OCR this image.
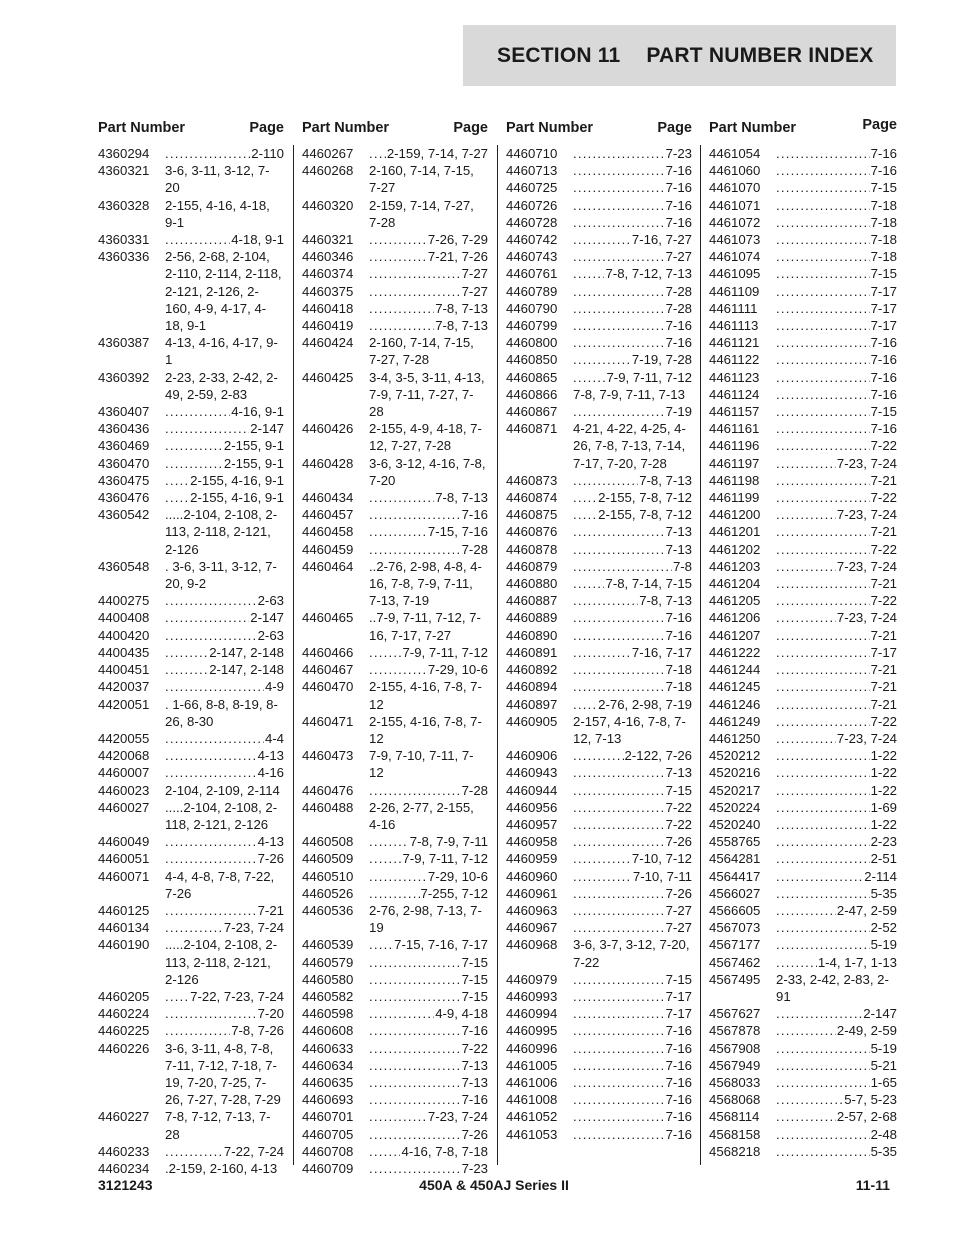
SECTION 11 PART NUMBER INDEX
Part Number	Page
4360294 .....	2-110
4360321 3-6, 3-11, 3-12, 7-20
4360328 2-155, 4-16, 4-18, 9-1
4360331 .....	4-18, 9-1
4360336 2-56, 2-68, 2-104, 2-110, 2-114, 2-118, 2-121, 2-126, 2-160, 4-9, 4-17, 4-18, 9-1
4360387 4-13, 4-16, 4-17, 9-1
4360392 2-23, 2-33, 2-42, 2-49, 2-59, 2-83
4360407 .....	4-16, 9-1
4360436 .....	2-147
4360469 .....	2-155, 9-1
4360470 .....	2-155, 9-1
4360475 .....	2-155, 4-16, 9-1
4360476 .....	2-155, 4-16, 9-1
4360542 .....2-104, 2-108, 2-113, 2-118, 2-121, 2-126
4360548 . 3-6, 3-11, 3-12, 7-20, 9-2
4400275 .....	2-63
4400408 .....	2-147
4400420 .....	2-63
4400435 .....	2-147, 2-148
4400451 .....	2-147, 2-148
4420037 .....	4-9
4420051 . 1-66, 8-8, 8-19, 8-26, 8-30
4420055 .....	4-4
4420068 .....	4-13
4460007 .....	4-16
4460023 2-104, 2-109, 2-114
4460027 .....2-104, 2-108, 2-118, 2-121, 2-126
4460049 .....	4-13
4460051 .....	7-26
4460071 4-4, 4-8, 7-8, 7-22, 7-26
4460125 .....	7-21
4460134 .....	7-23, 7-24
4460190 .....2-104, 2-108, 2-113, 2-118, 2-121, 2-126
4460205 .....	7-22, 7-23, 7-24
4460224 .....	7-20
4460225 .....	7-8, 7-26
4460226 3-6, 3-11, 4-8, 7-8, 7-11, 7-12, 7-18, 7-19, 7-20, 7-25, 7-26, 7-27, 7-28, 7-29
4460227 7-8, 7-12, 7-13, 7-28
4460233 .....	7-22, 7-24
4460234 .2-159, 2-160, 4-13
Part Number	Page
4460267 .....	2-159, 7-14, 7-27
4460268 2-160, 7-14, 7-15, 7-27
4460320 2-159, 7-14, 7-27, 7-28
4460321 .....	7-26, 7-29
4460346 .....	7-21, 7-26
4460374 .....	7-27
4460375 .....	7-27
4460418 .....	7-8, 7-13
4460419 .....	7-8, 7-13
4460424 2-160, 7-14, 7-15, 7-27, 7-28
4460425 3-4, 3-5, 3-11, 4-13, 7-9, 7-11, 7-27, 7-28
4460426 2-155, 4-9, 4-18, 7-12, 7-27, 7-28
4460428 3-6, 3-12, 4-16, 7-8, 7-20
4460434 .....	7-8, 7-13
4460457 .....	7-16
4460458 .....	7-15, 7-16
4460459 .....	7-28
4460464 ..2-76, 2-98, 4-8, 4-16, 7-8, 7-9, 7-11, 7-13, 7-19
4460465 ..7-9, 7-11, 7-12, 7-16, 7-17, 7-27
4460466 .....	7-9, 7-11, 7-12
4460467 .....	7-29, 10-6
4460470 2-155, 4-16, 7-8, 7-12
4460471 2-155, 4-16, 7-8, 7-12
4460473 7-9, 7-10, 7-11, 7-12
4460476 .....	7-28
4460488 2-26, 2-77, 2-155, 4-16
4460508 .....	7-8, 7-9, 7-11
4460509 .....	7-9, 7-11, 7-12
4460510 .....	7-29, 10-6
4460526 .....	7-255, 7-12
4460536 2-76, 2-98, 7-13, 7-19
4460539 .....	7-15, 7-16, 7-17
4460579 .....	7-15
4460580 .....	7-15
4460582 .....	7-15
4460598 .....	4-9, 4-18
4460608 .....	7-16
4460633 .....	7-22
4460634 .....	7-13
4460635 .....	7-13
4460693 .....	7-16
4460701 .....	7-23, 7-24
4460705 .....	7-26
4460708 .....	4-16, 7-8, 7-18
4460709 .....	7-23
Part Number	Page
4460710 .....	7-23
4460713 .....	7-16
4460725 .....	7-16
4460726 .....	7-16
4460728 .....	7-16
4460742 .....	7-16, 7-27
4460743 .....	7-27
4460761 .....	7-8, 7-12, 7-13
4460789 .....	7-28
4460790 .....	7-28
4460799 .....	7-16
4460800 .....	7-16
4460850 .....	7-19, 7-28
4460865 .....	7-9, 7-11, 7-12
4460866 7-8, 7-9, 7-11, 7-13
4460867 .....	7-19
4460871 4-21, 4-22, 4-25, 4-26, 7-8, 7-13, 7-14, 7-17, 7-20, 7-28
4460873 .....	7-8, 7-13
4460874 .....	2-155, 7-8, 7-12
4460875 .....	2-155, 7-8, 7-12
4460876 .....	7-13
4460878 .....	7-13
4460879 .....	7-8
4460880 .....	7-8, 7-14, 7-15
4460887 .....	7-8, 7-13
4460889 .....	7-16
4460890 .....	7-16
4460891 .....	7-16, 7-17
4460892 .....	7-18
4460894 .....	7-18
4460897 .....	2-76, 2-98, 7-19
4460905 2-157, 4-16, 7-8, 7-12, 7-13
4460906 .....	2-122, 7-26
4460943 .....	7-13
4460944 .....	7-15
4460956 .....	7-22
4460957 .....	7-22
4460958 .....	7-26
4460959 .....	7-10, 7-12
4460960 .....	7-10, 7-11
4460961 .....	7-26
4460963 .....	7-27
4460967 .....	7-27
4460968 3-6, 3-7, 3-12, 7-20, 7-22
4460979 .....	7-15
4460993 .....	7-17
4460994 .....	7-17
4460995 .....	7-16
4460996 .....	7-16
4461005 .....	7-16
4461006 .....	7-16
4461008 .....	7-16
4461052 .....	7-16
4461053 .....	7-16
Part Number	Page
4461054 .....	7-16
4461060 .....	7-16
4461070 .....	7-15
4461071 .....	7-18
4461072 .....	7-18
4461073 .....	7-18
4461074 .....	7-18
4461095 .....	7-15
4461109 .....	7-17
4461111 .....	7-17
4461113 .....	7-17
4461121 .....	7-16
4461122 .....	7-16
4461123 .....	7-16
4461124 .....	7-16
4461157 .....	7-15
4461161 .....	7-16
4461196 .....	7-22
4461197 .....	7-23, 7-24
4461198 .....	7-21
4461199 .....	7-22
4461200 .....	7-23, 7-24
4461201 .....	7-21
4461202 .....	7-22
4461203 .....	7-23, 7-24
4461204 .....	7-21
4461205 .....	7-22
4461206 .....	7-23, 7-24
4461207 .....	7-21
4461222 .....	7-17
4461244 .....	7-21
4461245 .....	7-21
4461246 .....	7-21
4461249 .....	7-22
4461250 .....	7-23, 7-24
4520212 .....	1-22
4520216 .....	1-22
4520217 .....	1-22
4520224 .....	1-69
4520240 .....	1-22
4558765 .....	2-23
4564281 .....	2-51
4564417 .....	2-114
4566027 .....	5-35
4566605 .....	2-47, 2-59
4567073 .....	2-52
4567177 .....	5-19
4567462 .....	1-4, 1-7, 1-13
4567495 2-33, 2-42, 2-83, 2-91
4567627 .....	2-147
4567878 .....	2-49, 2-59
4567908 .....	5-19
4567949 .....	5-21
4568033 .....	1-65
4568068 .....	5-7, 5-23
4568114 .....	2-57, 2-68
4568158 .....	2-48
4568218 .....	5-35
3121243	450A & 450AJ Series II	11-11
